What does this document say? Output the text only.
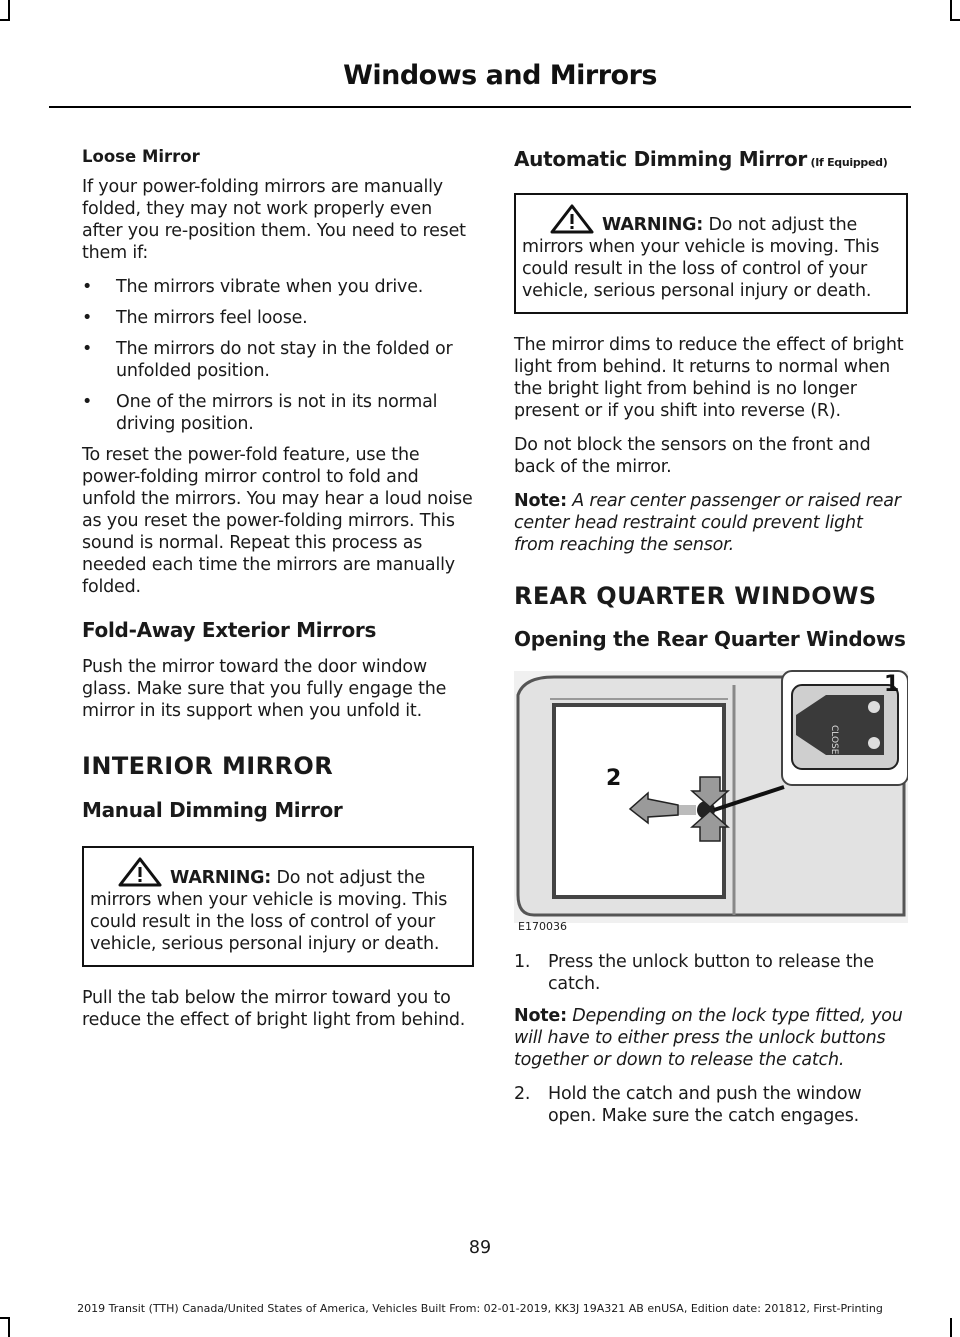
Windows and Mirrors
Loose Mirror

If your power-folding mirrors are manually folded, they may not work properly even after you re-position them. You need to reset them if:

•	The mirrors vibrate when you drive.
•	The mirrors feel loose.
•	The mirrors do not stay in the folded or unfolded position.
•	One of the mirrors is not in its normal driving position.

To reset the power-fold feature, use the power-folding mirror control to fold and unfold the mirrors. You may hear a loud noise as you reset the power-folding mirrors. This sound is normal. Repeat this process as needed each time the mirrors are manually folded.

Fold-Away Exterior Mirrors

Push the mirror toward the door window glass. Make sure that you fully engage the mirror in its support when you unfold it.

INTERIOR MIRROR
Manual Dimming Mirror
WARNING: Do not adjust the mirrors when your vehicle is moving. This could result in the loss of control of your vehicle, serious personal injury or death.

Pull the tab below the mirror toward you to reduce the effect of bright light from behind.

Automatic Dimming Mirror (If Equipped)
WARNING: Do not adjust the mirrors when your vehicle is moving. This could result in the loss of control of your vehicle, serious personal injury or death.

The mirror dims to reduce the effect of bright light from behind. It returns to normal when the bright light from behind is no longer present or if you shift into reverse (R).

Do not block the sensors on the front and back of the mirror.

Note: A rear center passenger or raised rear center head restraint could prevent light from reaching the sensor.

REAR QUARTER WINDOWS
Opening the Rear Quarter Windows
CLOSE
1
2
E170036
1.	Press the unlock button to release the catch.

Note: Depending on the lock type fitted, you will have to either press the unlock buttons together or down to release the catch.

2.	Hold the catch and push the window open. Make sure the catch engages.
89
2019 Transit (TTH) Canada/United States of America, Vehicles Built From: 02-01-2019, KK3J 19A321 AB enUSA, Edition date: 201812, First-Printing
